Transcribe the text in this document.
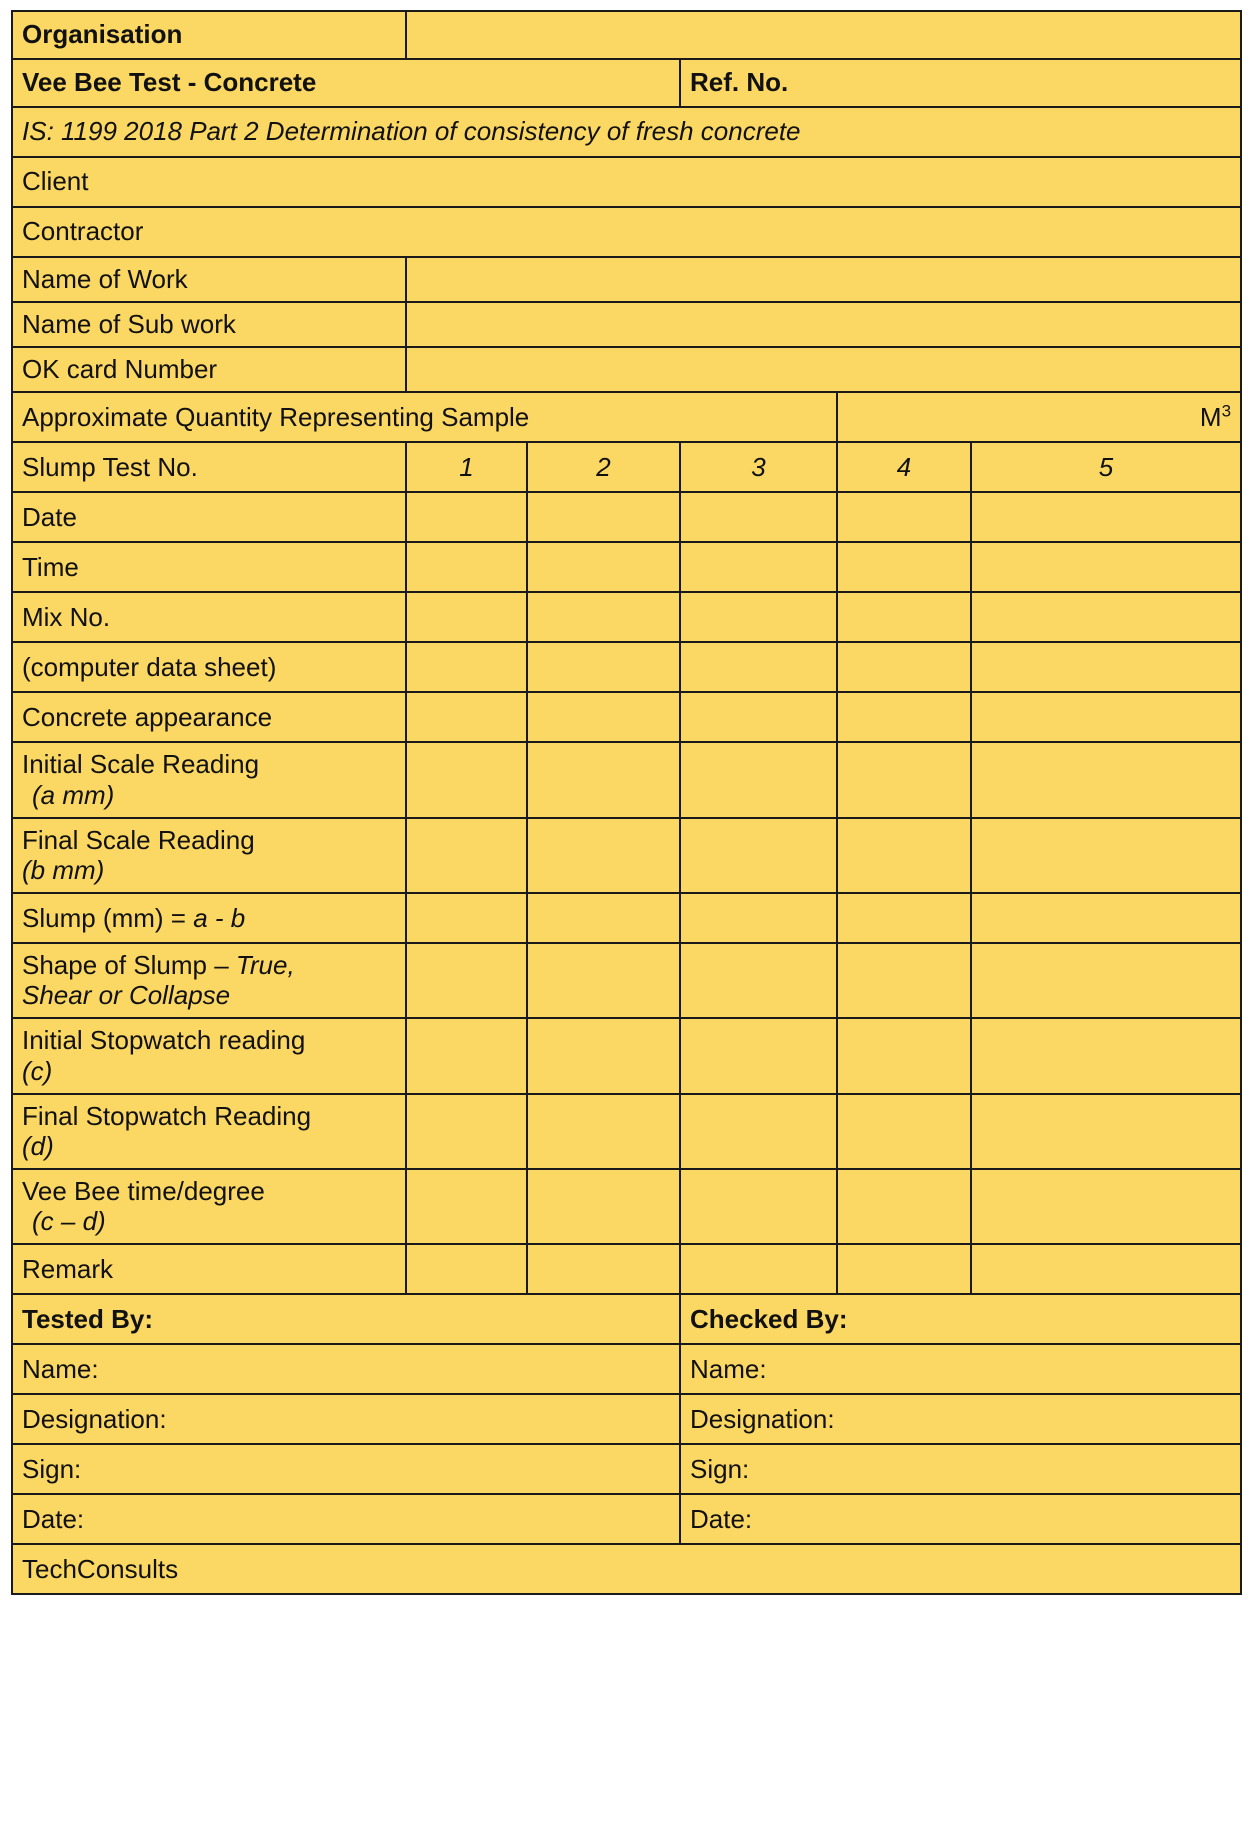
Organisation					
Vee Bee Test - Concrete			Ref. No.		
IS: 1199 2018 Part 2 Determination of consistency of fresh concrete					
Client					
Contractor					
Name of Work					
Name of Sub work					
OK card Number					
Approximate Quantity Representing Sample				$M^3$
Slump Test No.	1	2	3	4	5
Date					
Time					
Mix No.					
(computer data sheet)					
Concrete appearance					
Initial Scale Reading
(a mm)					

Final Scale Reading
(b mm)					

Slump (mm) = a - b					
Shape of Slump – True,
Shear or Collapse					

Initial Stopwatch reading
(c)					

Final Stopwatch Reading
(d)					

Vee Bee time/degree
(c – d)					

Remark					
Tested By:			Checked By:		
Name:			Name:		
Designation:			Designation:		
Sign:			Sign:		
Date:			Date:		
TechConsults					
